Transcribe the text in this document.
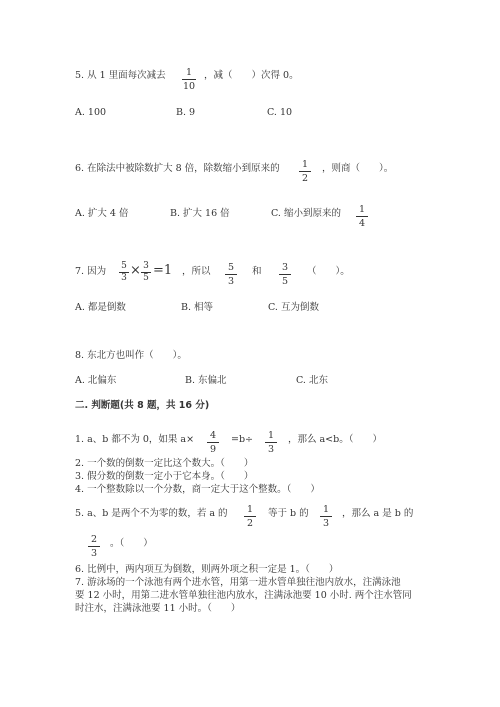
5. 从 1 里面每次减去	1
10
，减（　　）次得 0。
A. 100	B. 9	C. 10
6. 在除法中被除数扩大 8 倍，除数缩小到原来的	1
2
，则商（　　）。
A. 扩大 4 倍	B. 扩大 16 倍	C. 缩小到原来的	1
4
7. 因为 5
3 × 3
5 =1 ，所以	5
3
和	3
5
（　　）。
A. 都是倒数	B. 相等	C. 互为倒数
8. 东北方也叫作（　　）。
A. 北偏东	B. 东偏北	C. 北东
二. 判断题(共 8 题，共 16 分)
1. a、b 都不为 0，如果 a×	4
9
=b÷	1
3
，那么 a<b。（　　）
2. 一个数的倒数一定比这个数大。（　　）
3. 假分数的倒数一定小于它本身。（　　）
4. 一个整数除以一个分数，商一定大于这个整数。（　　）
5. a、b 是两个不为零的数，若 a 的	1
2
等于 b 的	1
3
，那么 a 是 b 的
2
3
。（　　）
6. 比例中，两内项互为倒数，则两外项之积一定是 1。（　　）
7. 游泳场的一个泳池有两个进水管，用第一进水管单独往池内放水，注满泳池
要 12 小时，用第二进水管单独往池内放水，注满泳池要 10 小时. 两个注水管同
时注水，注满泳池要 11 小时。（　　）
